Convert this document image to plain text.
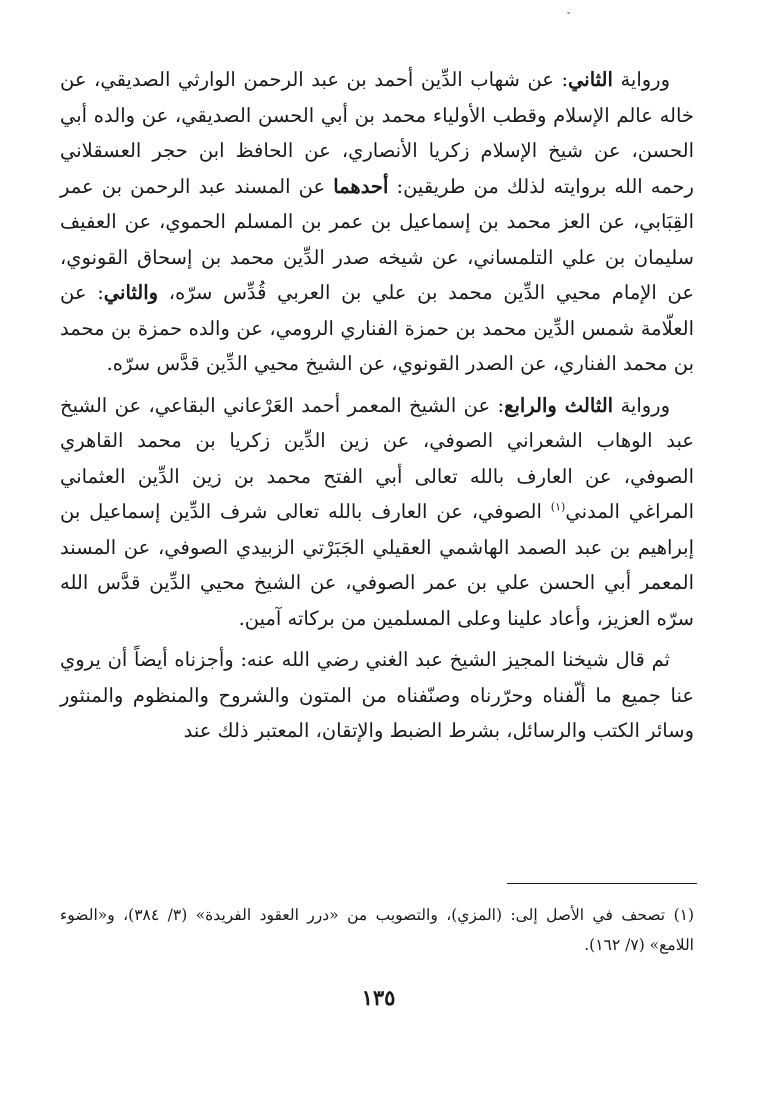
ورواية الثاني: عن شهاب الدِّين أحمد بن عبد الرحمن الوارثي الصديقي، عن خاله عالم الإسلام وقطب الأولياء محمد بن أبي الحسن الصديقي، عن والده أبي الحسن، عن شيخ الإسلام زكريا الأنصاري، عن الحافظ ابن حجر العسقلاني رحمه الله بروايته لذلك من طريقين: أحدهما عن المسند عبد الرحمن بن عمر القِبَابي، عن العز محمد بن إسماعيل بن عمر بن المسلم الحموي، عن العفيف سليمان بن علي التلمساني، عن شيخه صدر الدِّين محمد بن إسحاق القونوي، عن الإمام محيي الدِّين محمد بن علي بن العربي قُدِّس سرّه، والثاني: عن العلّامة شمس الدِّين محمد بن حمزة الفناري الرومي، عن والده حمزة بن محمد بن محمد الفناري، عن الصدر القونوي، عن الشيخ محيي الدِّين قدَّس سرّه.

ورواية الثالث والرابع: عن الشيخ المعمر أحمد العَرْعاني البقاعي، عن الشيخ عبد الوهاب الشعراني الصوفي، عن زين الدِّين زكريا بن محمد القاهري الصوفي، عن العارف بالله تعالى أبي الفتح محمد بن زين الدِّين العثماني المراغي المدني$^{(١)}$ الصوفي، عن العارف بالله تعالى شرف الدِّين إسماعيل بن إبراهيم بن عبد الصمد الهاشمي العقيلي الجَبَرْتي الزبيدي الصوفي، عن المسند المعمر أبي الحسن علي بن عمر الصوفي، عن الشيخ محيي الدِّين قدَّس الله سرّه العزيز، وأعاد علينا وعلى المسلمين من بركاته آمين.

ثم قال شيخنا المجيز الشيخ عبد الغني رضي الله عنه: وأجزناه أيضاً أن يروي عنا جميع ما ألّفناه وحرّرناه وصنّفناه من المتون والشروح والمنظوم والمنثور وسائر الكتب والرسائل، بشرط الضبط والإتقان، المعتبر ذلك عند

(١) تصحف في الأصل إلى: (المزي)، والتصويب من «درر العقود الفريدة» (٣/ ٣٨٤)، و«الضوء اللامع» (٧/ ١٦٢).

١٣٥
